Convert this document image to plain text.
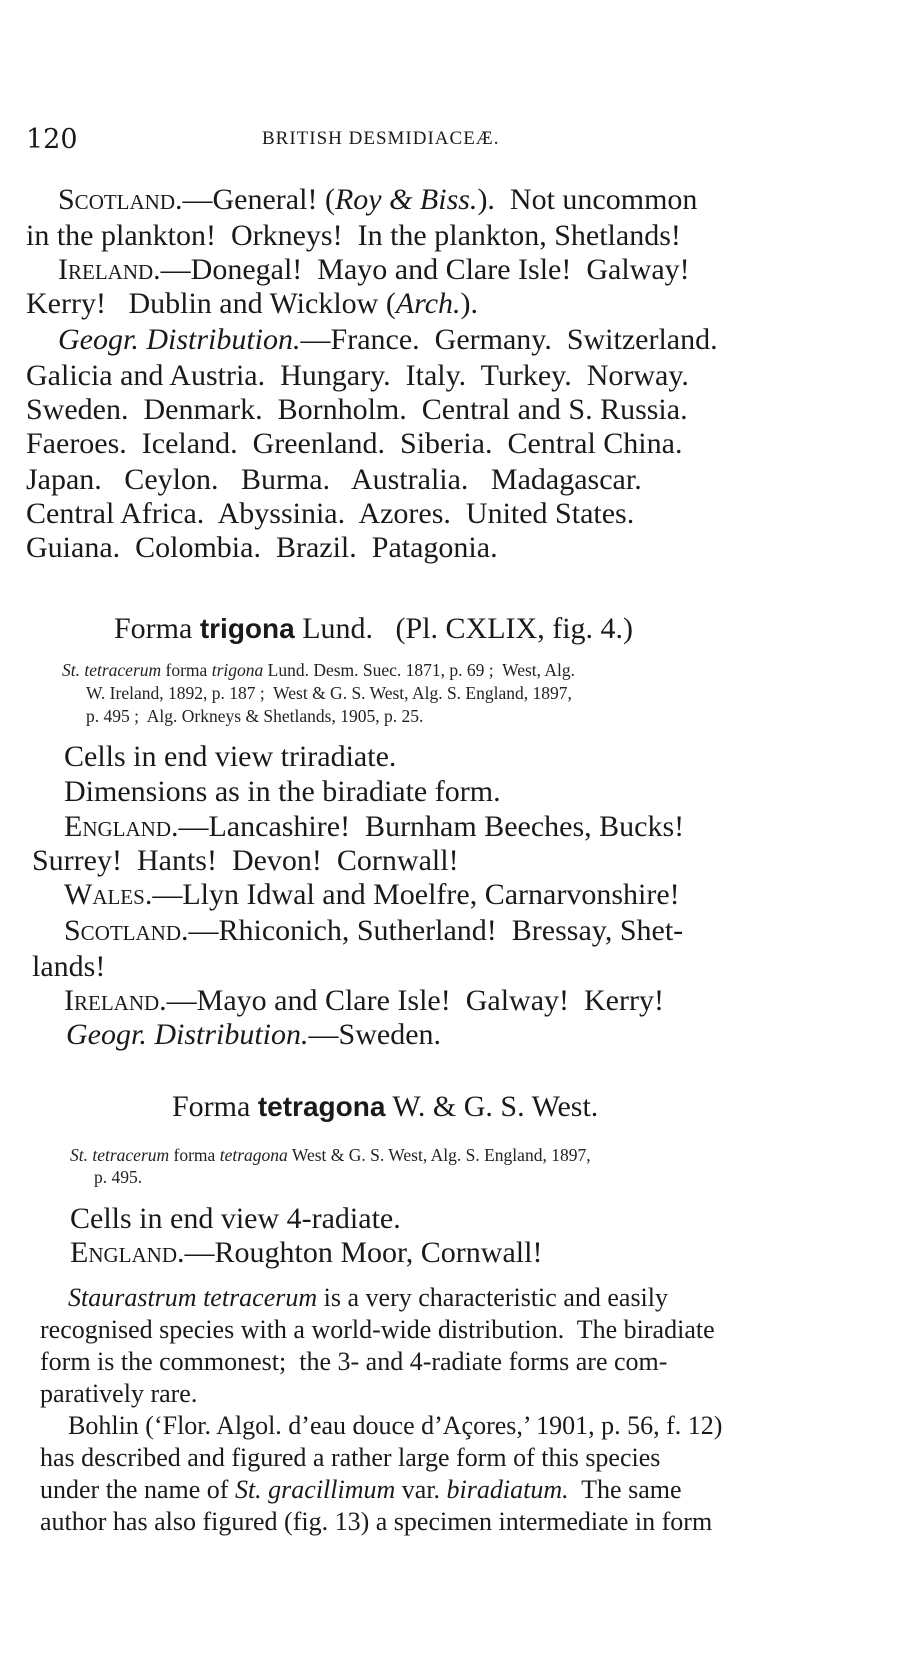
120	BRITISH DESMIDIACEÆ.
Scotland.—General! (Roy & Biss.).  Not uncommon
in the plankton!  Orkneys!  In the plankton, Shetlands!
Ireland.—Donegal!  Mayo and Clare Isle!  Galway!
Kerry!   Dublin and Wicklow (Arch.).
Geogr. Distribution.—France.  Germany.  Switzerland.
Galicia and Austria.  Hungary.  Italy.  Turkey.  Norway.
Sweden.  Denmark.  Bornholm.  Central and S. Russia.
Faeroes.  Iceland.  Greenland.  Siberia.  Central China.
Japan.   Ceylon.   Burma.   Australia.   Madagascar.
Central Africa.  Abyssinia.  Azores.  United States.
Guiana.  Colombia.  Brazil.  Patagonia.
Forma trigona Lund.   (Pl. CXLIX, fig. 4.)
St. tetracerum forma trigona Lund. Desm. Suec. 1871, p. 69 ;  West, Alg.
W. Ireland, 1892, p. 187 ;  West & G. S. West, Alg. S. England, 1897,
p. 495 ;  Alg. Orkneys & Shetlands, 1905, p. 25.
Cells in end view triradiate.
Dimensions as in the biradiate form.
England.—Lancashire!  Burnham Beeches, Bucks!
Surrey!  Hants!  Devon!  Cornwall!
Wales.—Llyn Idwal and Moelfre, Carnarvonshire!
Scotland.—Rhiconich, Sutherland!  Bressay, Shet-
lands!
Ireland.—Mayo and Clare Isle!  Galway!  Kerry!
Geogr. Distribution.—Sweden.
Forma tetragona W. & G. S. West.
St. tetracerum forma tetragona West & G. S. West, Alg. S. England, 1897,
p. 495.
Cells in end view 4-radiate.
England.—Roughton Moor, Cornwall!
Staurastrum tetracerum is a very characteristic and easily
recognised species with a world-wide distribution.  The biradiate
form is the commonest;  the 3- and 4-radiate forms are com-
paratively rare.
Bohlin (‘Flor. Algol. d’eau douce d’Açores,’ 1901, p. 56, f. 12)
has described and figured a rather large form of this species
under the name of St. gracillimum var. biradiatum.  The same
author has also figured (fig. 13) a specimen intermediate in form
